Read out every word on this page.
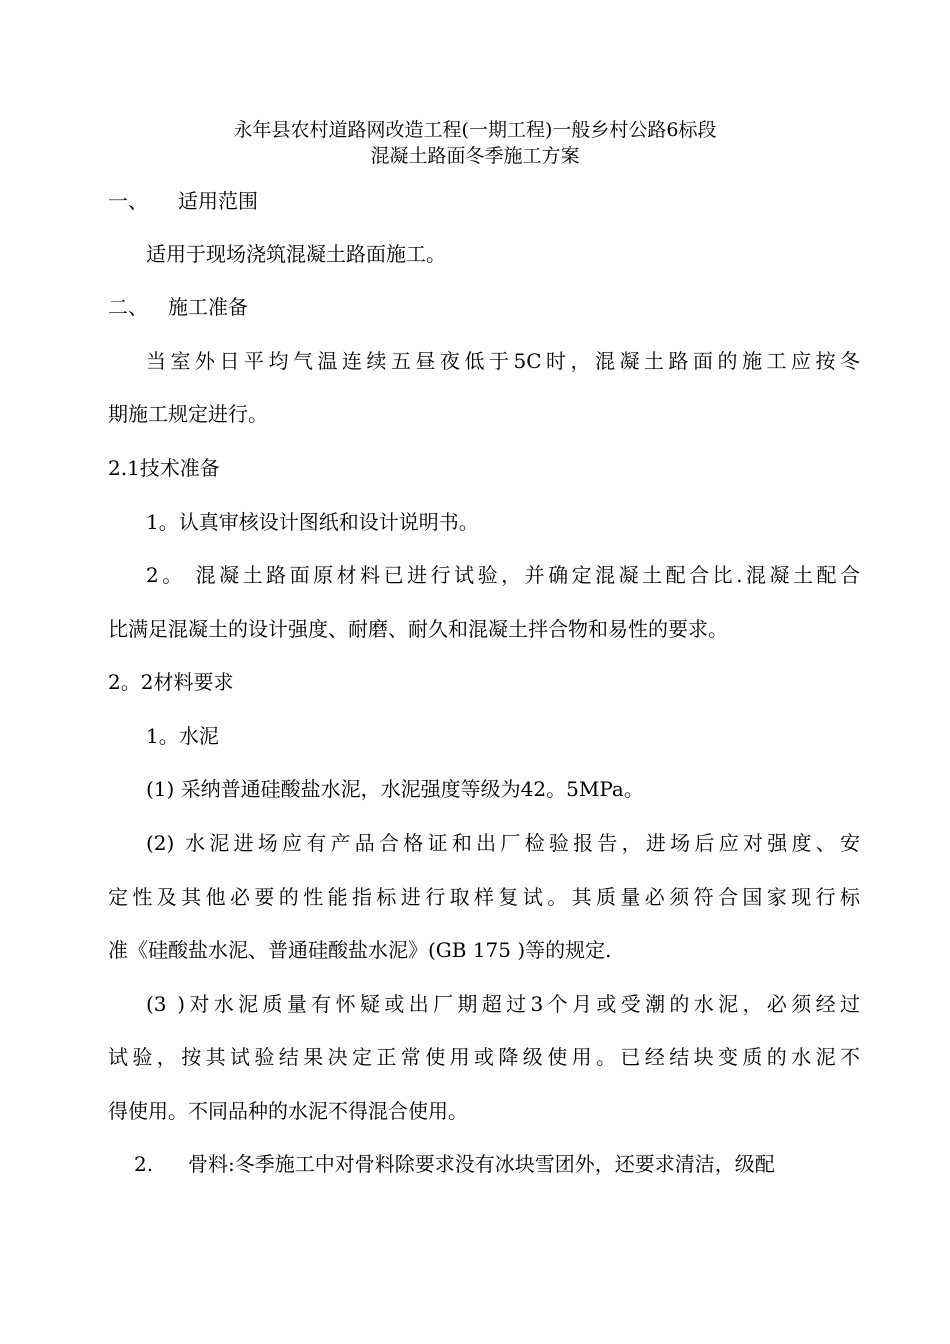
永年县农村道路网改造工程(一期工程)一般乡村公路6标段
混凝土路面冬季施工方案
一、 适用范围
适用于现场浇筑混凝土路面施工。
二、 施工准备
当室外日平均气温连续五昼夜低于5C时，混凝土路面的施工应按冬
期施工规定进行。
2.1技术准备
1。认真审核设计图纸和设计说明书。
2。 混凝土路面原材料已进行试验，并确定混凝土配合比.混凝土配合
比满足混凝土的设计强度、耐磨、耐久和混凝土拌合物和易性的要求。
2。2材料要求
1。水泥
(1) 采纳普通硅酸盐水泥，水泥强度等级为42。5MPa。
(2) 水泥进场应有产品合格证和出厂检验报告，进场后应对强度、安
定性及其他必要的性能指标进行取样复试。其质量必须符合国家现行标
准《硅酸盐水泥、普通硅酸盐水泥》(GB 175 )等的规定.
(3 )对水泥质量有怀疑或出厂期超过3个月或受潮的水泥，必须经过
试验，按其试验结果决定正常使用或降级使用。已经结块变质的水泥不
得使用。不同品种的水泥不得混合使用。
2. 骨料:冬季施工中对骨料除要求没有冰块雪团外，还要求清洁，级配
